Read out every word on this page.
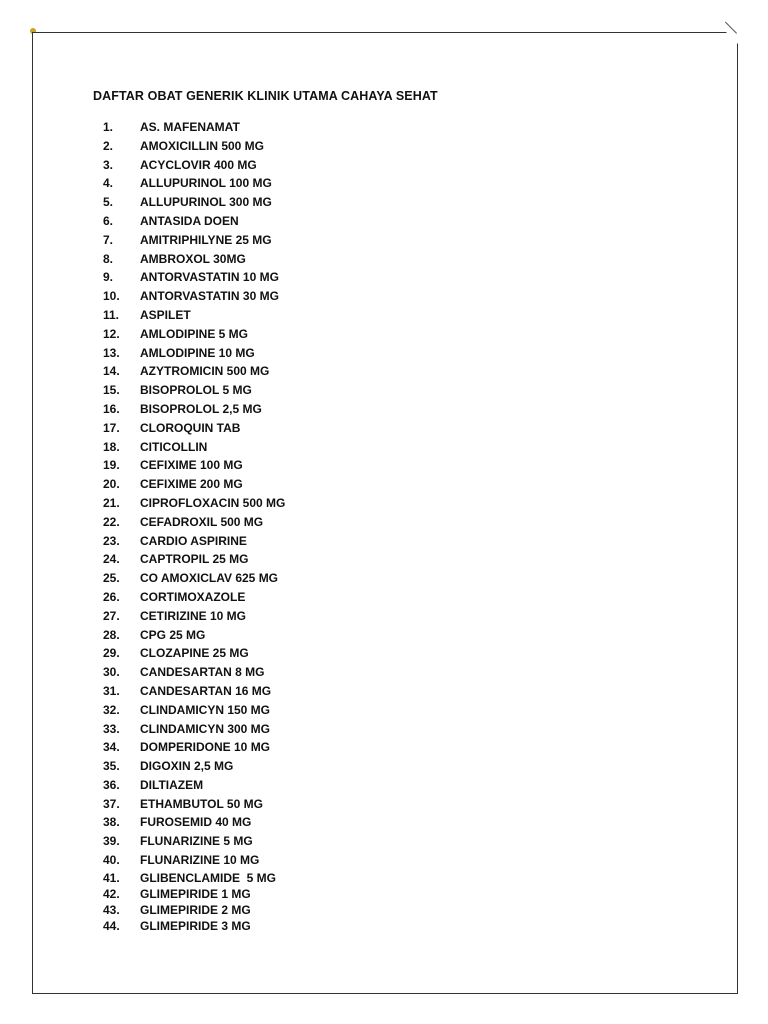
DAFTAR OBAT GENERIK KLINIK UTAMA CAHAYA SEHAT
1. AS. MAFENAMAT
2. AMOXICILLIN 500 MG
3. ACYCLOVIR 400 MG
4. ALLUPURINOL 100 MG
5. ALLUPURINOL 300 MG
6. ANTASIDA DOEN
7. AMITRIPHILYNE 25 MG
8. AMBROXOL 30MG
9. ANTORVASTATIN 10 MG
10. ANTORVASTATIN 30 MG
11. ASPILET
12. AMLODIPINE 5 MG
13. AMLODIPINE 10 MG
14. AZYTROMICIN 500 MG
15. BISOPROLOL 5 MG
16. BISOPROLOL 2,5 MG
17. CLOROQUIN TAB
18. CITICOLLIN
19. CEFIXIME 100 MG
20. CEFIXIME 200 MG
21. CIPROFLOXACIN 500 MG
22. CEFADROXIL 500 MG
23. CARDIO ASPIRINE
24. CAPTROPIL 25 MG
25. CO AMOXICLAV 625 MG
26. CORTIMOXAZOLE
27. CETIRIZINE 10 MG
28. CPG 25 MG
29. CLOZAPINE 25 MG
30. CANDESARTAN 8 MG
31. CANDESARTAN 16 MG
32. CLINDAMICYN 150 MG
33. CLINDAMICYN 300 MG
34. DOMPERIDONE 10 MG
35. DIGOXIN 2,5 MG
36. DILTIAZEM
37. ETHAMBUTOL 50 MG
38. FUROSEMID 40 MG
39. FLUNARIZINE 5 MG
40. FLUNARIZINE 10 MG
41. GLIBENCLAMIDE  5 MG
42. GLIMEPIRIDE 1 MG
43. GLIMEPIRIDE 2 MG
44. GLIMEPIRIDE 3 MG
